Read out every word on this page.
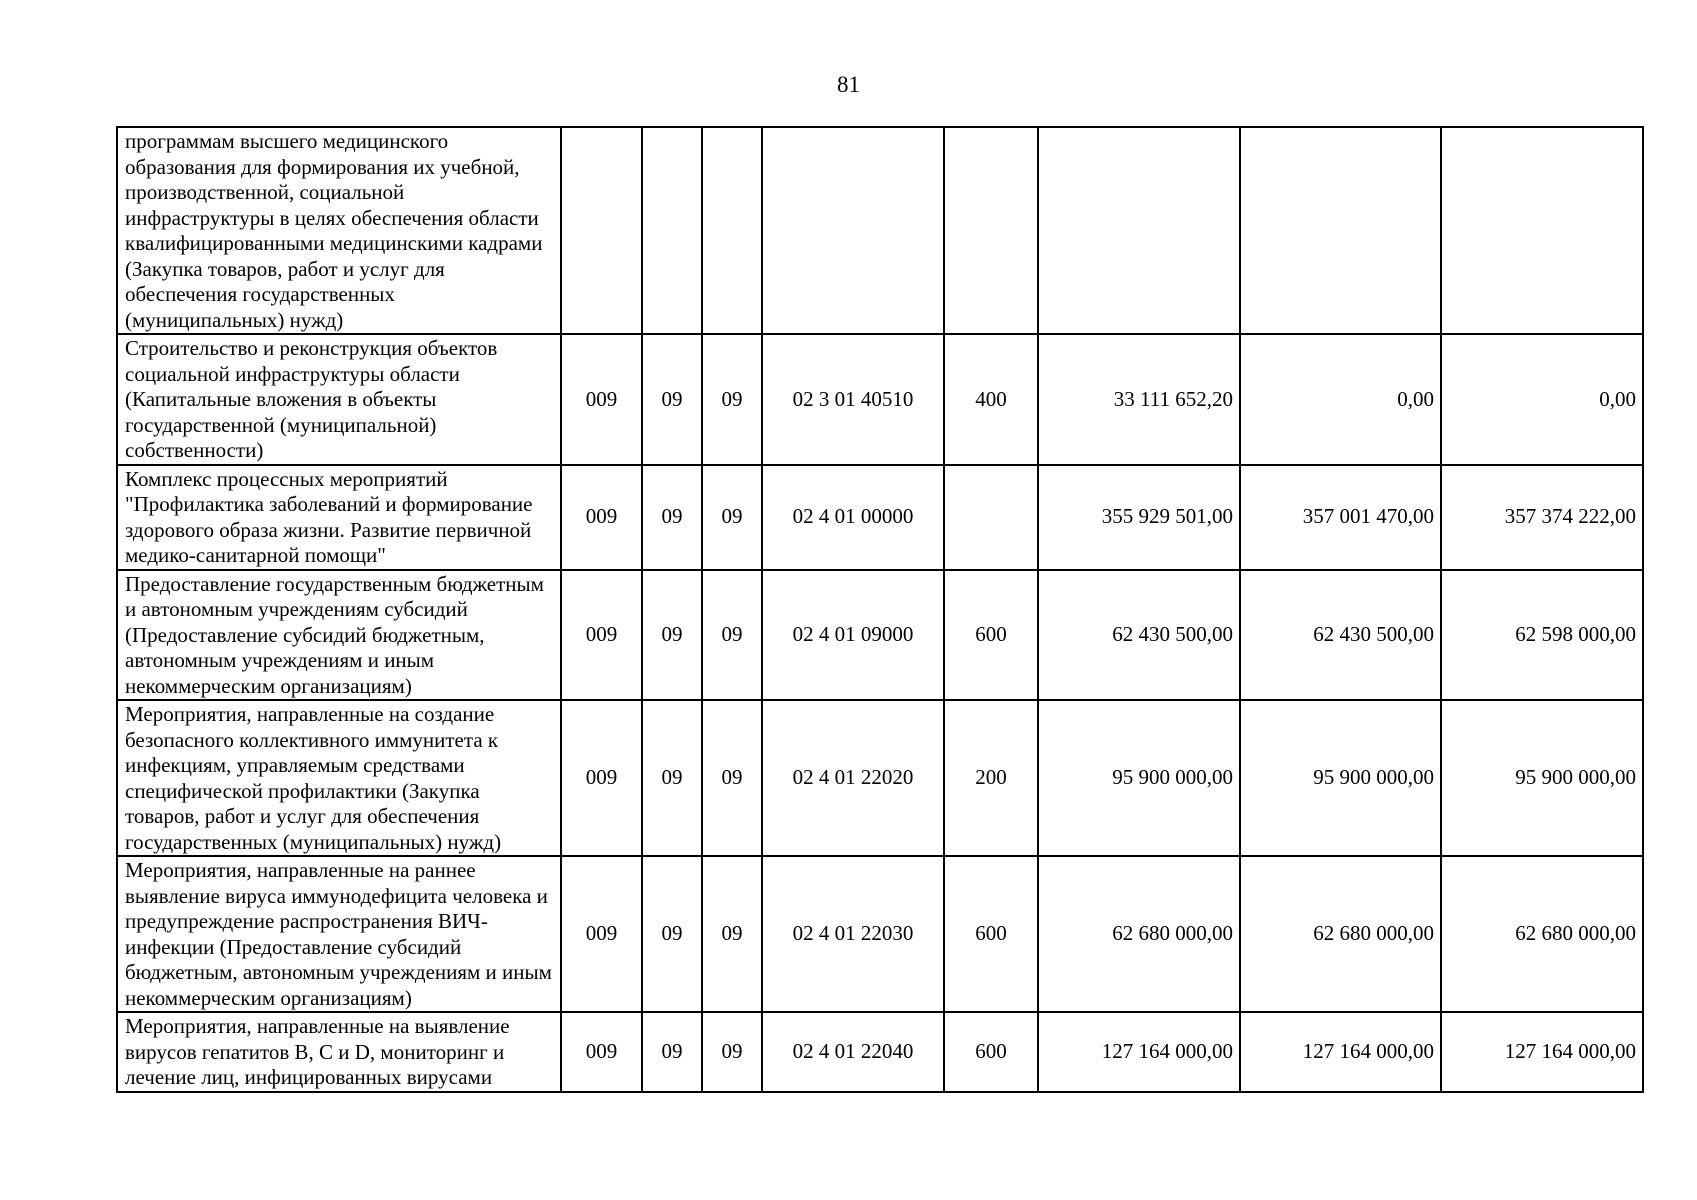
81
программам высшего медицинского образования для формирования их учебной, производственной, социальной инфраструктуры в целях обеспечения области квалифицированными медицинскими кадрами (Закупка товаров, работ и услуг для обеспечения государственных (муниципальных) нужд)								
Строительство и реконструкция объектов социальной инфраструктуры области (Капитальные вложения в объекты государственной (муниципальной) собственности)	009	09	09	02 3 01 40510	400	33 111 652,20	0,00	0,00
Комплекс процессных мероприятий "Профилактика заболеваний и формирование здорового образа жизни. Развитие первичной медико-санитарной помощи"	009	09	09	02 4 01 00000		355 929 501,00	357 001 470,00	357 374 222,00
Предоставление государственным бюджетным и автономным учреждениям субсидий (Предоставление субсидий бюджетным, автономным учреждениям и иным некоммерческим организациям)	009	09	09	02 4 01 09000	600	62 430 500,00	62 430 500,00	62 598 000,00
Мероприятия, направленные на создание безопасного коллективного иммунитета к инфекциям, управляемым средствами специфической профилактики (Закупка товаров, работ и услуг для обеспечения государственных (муниципальных) нужд)	009	09	09	02 4 01 22020	200	95 900 000,00	95 900 000,00	95 900 000,00
Мероприятия, направленные на раннее выявление вируса иммунодефицита человека и предупреждение распространения ВИЧ-инфекции (Предоставление субсидий бюджетным, автономным учреждениям и иным некоммерческим организациям)	009	09	09	02 4 01 22030	600	62 680 000,00	62 680 000,00	62 680 000,00
Мероприятия, направленные на выявление вирусов гепатитов B, C и D, мониторинг и лечение лиц, инфицированных вирусами	009	09	09	02 4 01 22040	600	127 164 000,00	127 164 000,00	127 164 000,00
